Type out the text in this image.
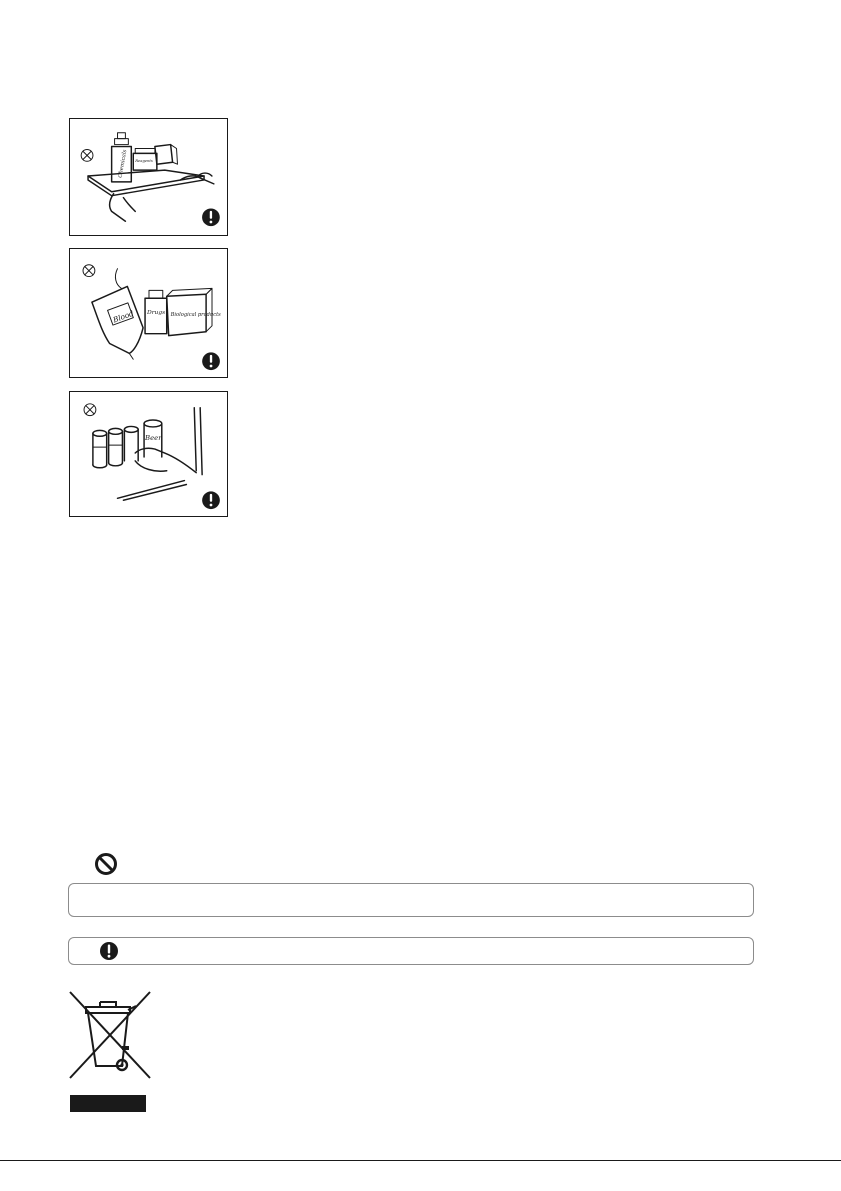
Chemicals Reagents
Blood Drugs Biological products
Beer
